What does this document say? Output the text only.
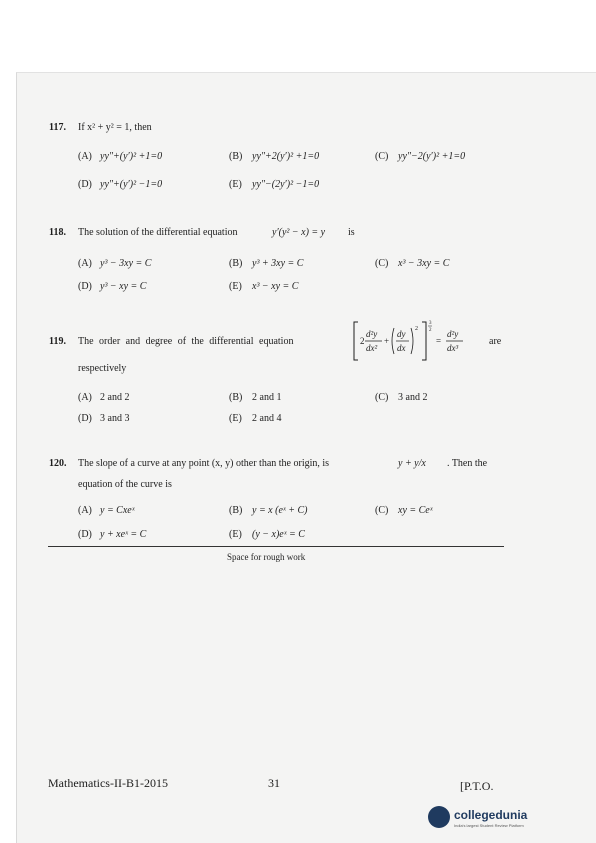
117. If x² + y² = 1, then
(A) yy″+(y′)² +1=0	(B) yy″+2(y′)² +1=0	(C) yy″−2(y′)² +1=0
(D) yy″+(y′)² −1=0	(E) yy″−(2y′)² −1=0
118. The solution of the differential equation	y′(y² − x) = y is
(A) y³ − 3xy = C	(B) y³ + 3xy = C	(C) x³ − 3xy = C
(D) y³ − xy = C	(E) x³ − xy = C
119. The order and degree of the differential equation	2
d²y
dx²
+
dy
dx
2
3
2
=
d²y
dx³
are
respectively
(A) 2 and 2	(B) 2 and 1	(C) 3 and 2
(D) 3 and 3	(E) 2 and 4
120. The slope of a curve at any point (x, y) other than the origin, is	y + y/x . Then the
equation of the curve is
(A) y = Cxeˣ	(B) y = x (eˣ + C)	(C) xy = Ceˣ
(D) y + xeˣ = C	(E) (y − x)eˣ = C
Space for rough work
Mathematics-II-B1-2015	31	[P.T.O.
collegedunia
India's largest Student Review Platform
